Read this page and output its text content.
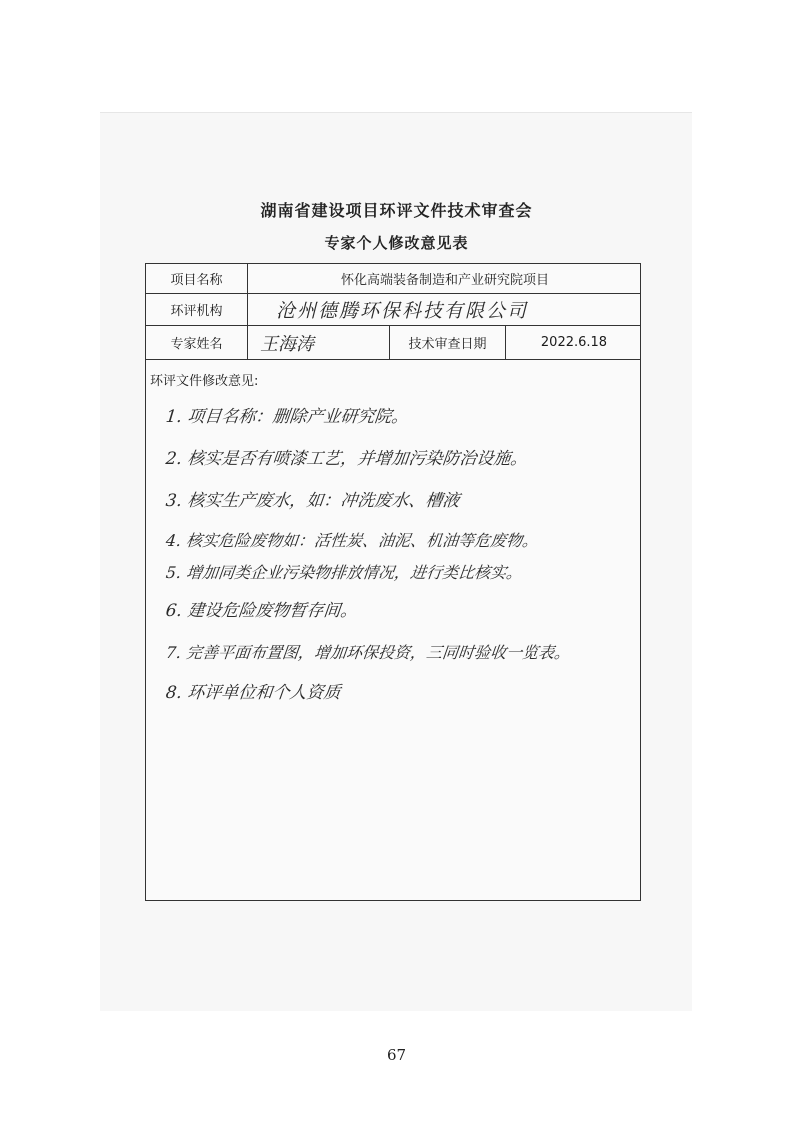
湖南省建设项目环评文件技术审查会
专家个人修改意见表
项目名称	怀化高端装备制造和产业研究院项目
环评机构	沧州德腾环保科技有限公司
专家姓名	王海涛	技术审查日期	2022.6.18
环评文件修改意见:
1. 项目名称：删除产业研究院。
2. 核实是否有喷漆工艺，并增加污染防治设施。
3. 核实生产废水，如：冲洗废水、槽液
4. 核实危险废物如：活性炭、油泥、机油等危废物。
5. 增加同类企业污染物排放情况，进行类比核实。
6. 建设危险废物暂存间。
7. 完善平面布置图，增加环保投资，三同时验收一览表。
8. 环评单位和个人资质
67
